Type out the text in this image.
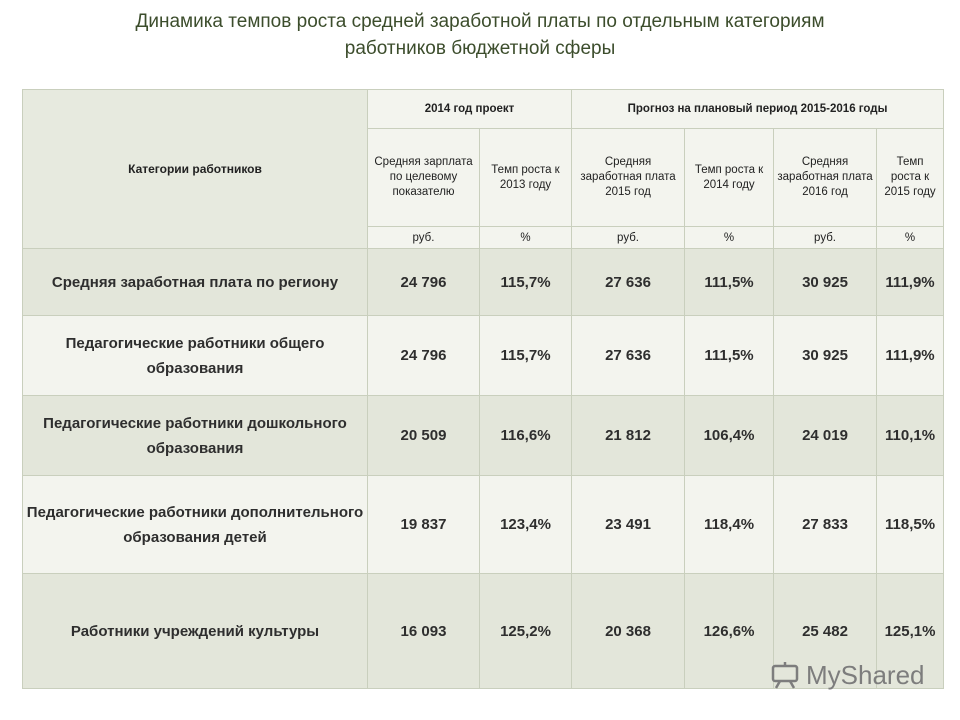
Динамика темпов роста средней заработной платы по отдельным категориям
работников бюджетной сферы
Категории работников	2014 год проект		Прогноз на плановый период 2015-2016 годы			
	Средняя зарплата по целевому показателю	Темп роста к 2013 году	Средняя заработная плата 2015 год	Темп роста к 2014 году	Средняя заработная плата 2016 год	Темп роста к 2015 году
	руб.	%	руб.	%	руб.	%
Средняя заработная плата по региону	24 796	115,7%	27 636	111,5%	30 925	111,9%
Педагогические работники общего образования	24 796	115,7%	27 636	111,5%	30 925	111,9%
Педагогические работники дошкольного образования	20 509	116,6%	21 812	106,4%	24 019	110,1%
Педагогические работники дополнительного образования детей	19 837	123,4%	23 491	118,4%	27 833	118,5%
Работники учреждений культуры	16 093	125,2%	20 368	126,6%	25 482	125,1%
MyShared
